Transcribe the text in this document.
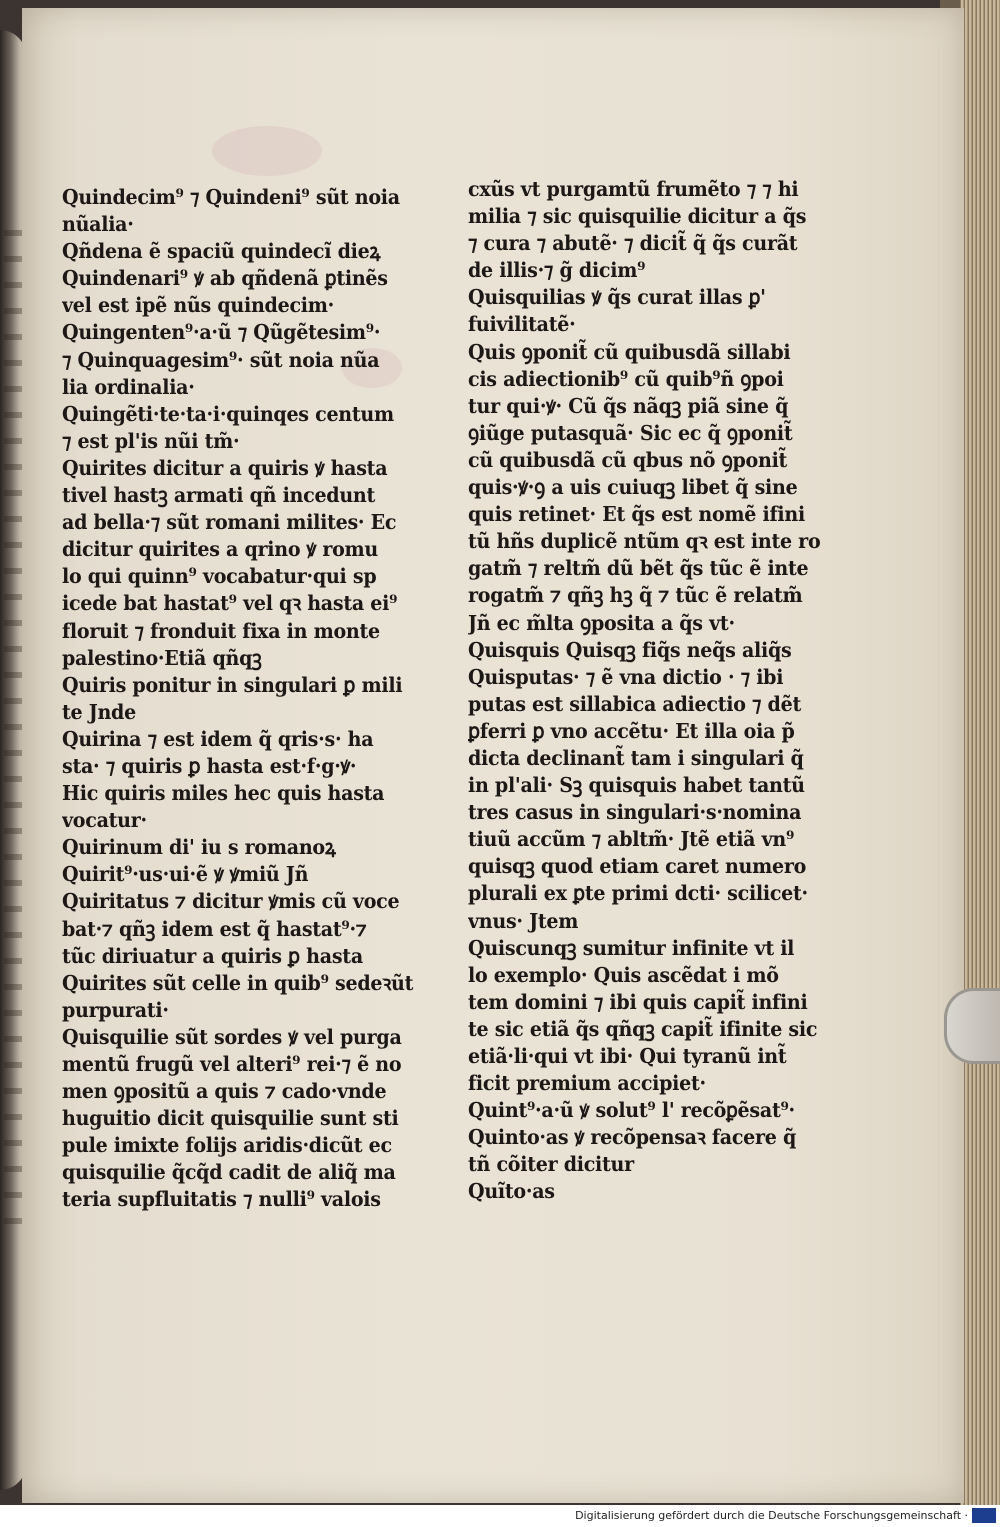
Quindecim⁹ ⁊ Quindeni⁹ sũt noia
nũalia·
Qñdena ẽ spaciũ quindecĩ dieꝝ
Quindenari⁹ ꝟ ab qñdenã ꝑtinẽs
vel est ipẽ nũs quindecim·
Quingenten⁹·a·ũ ⁊ Qũgẽtesim⁹·
⁊ Quinquagesim⁹· sũt noia nũa
lia ordinalia·
Quingẽti·te·ta·i·quinqes centum
⁊ est pl'is nũi tm̃·
Quirites dicitur a quiris ꝟ hasta
tivel hastꝫ armati qñ incedunt
ad bella·⁊ sũt romani milites· Ec
dicitur quirites a qrino ꝟ romu
lo qui quinn⁹ vocabatur·qui sp
icede bat hastat⁹ vel qꝛ hasta ei⁹
floruit ⁊ fronduit fixa in monte
palestino·Etiã qñqꝫ
Quiris ponitur in singulari ꝑ mili
te Jnde
Quirina ⁊ est idem q̃ qris·s· ha
sta· ⁊ quiris ꝑ hasta est·f·g·ꝟ·
Hic quiris miles hec quis hasta
vocatur·
Quirinum di' iu s romanoꝝ
Quirit⁹·us·ui·ẽ ꝟ ꝟmiũ Jñ
Quiritatus ⁊ dicitur ꝟmis cũ voce
bat·⁊ qñꝫ idem est q̃ hastat⁹·⁊
tũc diriuatur a quiris ꝑ hasta
Quirites sũt celle in quib⁹ sedeꝛũt
purpurati·
Quisquilie sũt sordes ꝟ vel purga
mentũ frugũ vel alteri⁹ rei·⁊ ẽ no
men ꝯpositũ a quis ⁊ cado·vnde
huguitio dicit quisquilie sunt sti
pule imixte folijs aridis·dicũt ec
quisquilie q̃cq̃d cadit de aliq̃ ma
teria supfluitatis ⁊ nulli⁹ valois
cxũs vt purgamtũ frumẽto ⁊ ⁊ hi
milia ⁊ sic quisquilie dicitur a q̃s
⁊ cura ⁊ abutẽ· ⁊ dicit̃ q̃ q̃s curãt
de illis·⁊ g̃ dicim⁹
Quisquilias ꝟ q̃s curat illas ꝑ'
fuivilitatẽ·
Quis ꝯponit̃ cũ quibusdã sillabi
cis adiectionib⁹ cũ quib⁹ñ ꝯpoi
tur qui·ꝟ· Cũ q̃s nãqꝫ piã sine q̃
ꝯiũge putasquã· Sic ec q̃ ꝯponit̃
cũ quibusdã cũ qbus nõ ꝯponit̃
quis·ꝟ·ꝯ a uis cuiuqꝫ libet q̃ sine
quis retinet· Et q̃s est nomẽ ifini
tũ hñs duplicẽ ntũm qꝛ est inte ro
gatm̃ ⁊ reltm̃ dũ bẽt q̃s tũc ẽ inte
rogatm̃ ⁊ qñꝫ hꝫ q̃ ⁊ tũc ẽ relatm̃
Jñ ec m̃lta ꝯposita a q̃s vt·
Quisquis Quisqꝫ fiq̃s neq̃s aliq̃s
Quisputas· ⁊ ẽ vna dictio · ⁊ ibi
putas est sillabica adiectio ⁊ dẽt
ꝑferri ꝑ vno accẽtu· Et illa oia p̃
dicta declinant̃ tam i singulari q̃
in pl'ali· Sꝫ quisquis habet tantũ
tres casus in singulari·s·nomina
tiuũ accũm ⁊ abltm̃· Jtẽ etiã vn⁹
quisqꝫ quod etiam caret numero
plurali ex ꝑte primi dcti· scilicet·
vnus· Jtem
Quiscunqꝫ sumitur infinite vt il
lo exemplo· Quis ascẽdat i mõ
tem domini ⁊ ibi quis capit̃ infini
te sic etiã q̃s qñqꝫ capit̃ ifinite sic
etiã·li·qui vt ibi· Qui tyranũ int̃
ficit premium accipiet·
Quint⁹·a·ũ ꝟ solut⁹ l' recõꝑẽsat⁹·
Quinto·as ꝟ recõpensaꝛ facere q̃
tñ cõiter dicitur
Quĩto·as
Digitalisierung gefördert durch die Deutsche Forschungsgemeinschaft ·
